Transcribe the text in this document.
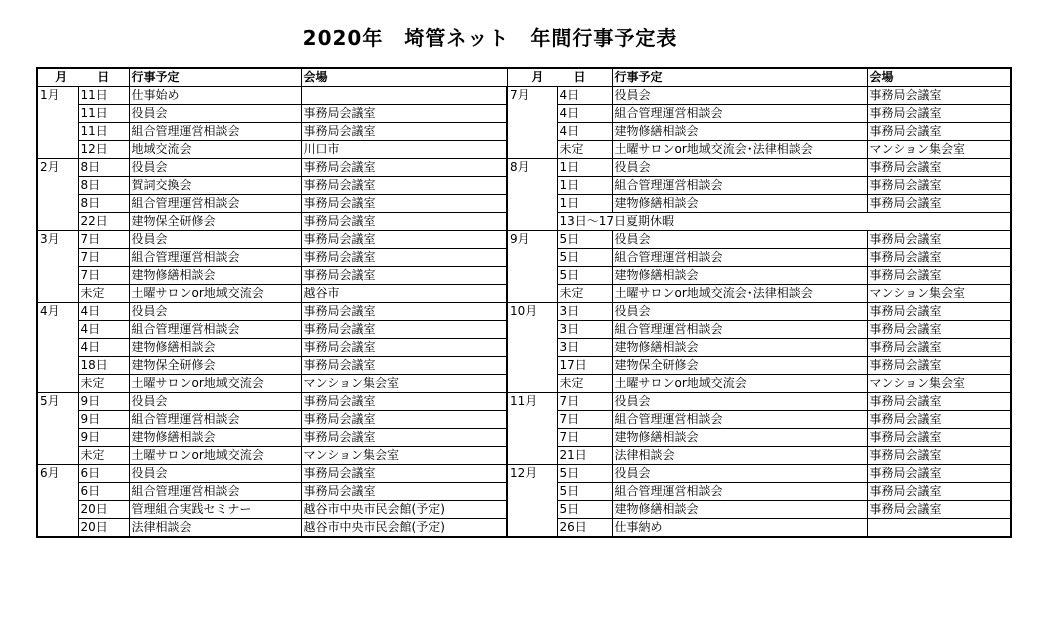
2020年　埼管ネット　年間行事予定表
月　　 日		行事予定	会場	月　　 日		行事予定	会場
1月	11日	仕事始め		7月	4日	役員会	事務局会議室
	11日	役員会	事務局会議室		4日	組合管理運営相談会	事務局会議室
	11日	組合管理運営相談会	事務局会議室		4日	建物修繕相談会	事務局会議室
	12日	地域交流会	川口市		未定	土曜サロンor地域交流会･法律相談会	マンション集会室
2月	8日	役員会	事務局会議室	8月	1日	役員会	事務局会議室
	8日	賀詞交換会	事務局会議室		1日	組合管理運営相談会	事務局会議室
	8日	組合管理運営相談会	事務局会議室		1日	建物修繕相談会	事務局会議室
	22日	建物保全研修会	事務局会議室		13日～17日夏期休暇		
3月	7日	役員会	事務局会議室	9月	5日	役員会	事務局会議室
	7日	組合管理運営相談会	事務局会議室		5日	組合管理運営相談会	事務局会議室
	7日	建物修繕相談会	事務局会議室		5日	建物修繕相談会	事務局会議室
	未定	土曜サロンor地域交流会	越谷市		未定	土曜サロンor地域交流会･法律相談会	マンション集会室
4月	4日	役員会	事務局会議室	10月	3日	役員会	事務局会議室
	4日	組合管理運営相談会	事務局会議室		3日	組合管理運営相談会	事務局会議室
	4日	建物修繕相談会	事務局会議室		3日	建物修繕相談会	事務局会議室
	18日	建物保全研修会	事務局会議室		17日	建物保全研修会	事務局会議室
	未定	土曜サロンor地域交流会	マンション集会室		未定	土曜サロンor地域交流会	マンション集会室
5月	9日	役員会	事務局会議室	11月	7日	役員会	事務局会議室
	9日	組合管理運営相談会	事務局会議室		7日	組合管理運営相談会	事務局会議室
	9日	建物修繕相談会	事務局会議室		7日	建物修繕相談会	事務局会議室
	未定	土曜サロンor地域交流会	マンション集会室		21日	法律相談会	事務局会議室
6月	6日	役員会	事務局会議室	12月	5日	役員会	事務局会議室
	6日	組合管理運営相談会	事務局会議室		5日	組合管理運営相談会	事務局会議室
	20日	管理組合実践セミナー	越谷市中央市民会館(予定)		5日	建物修繕相談会	事務局会議室
	20日	法律相談会	越谷市中央市民会館(予定)		26日	仕事納め	
